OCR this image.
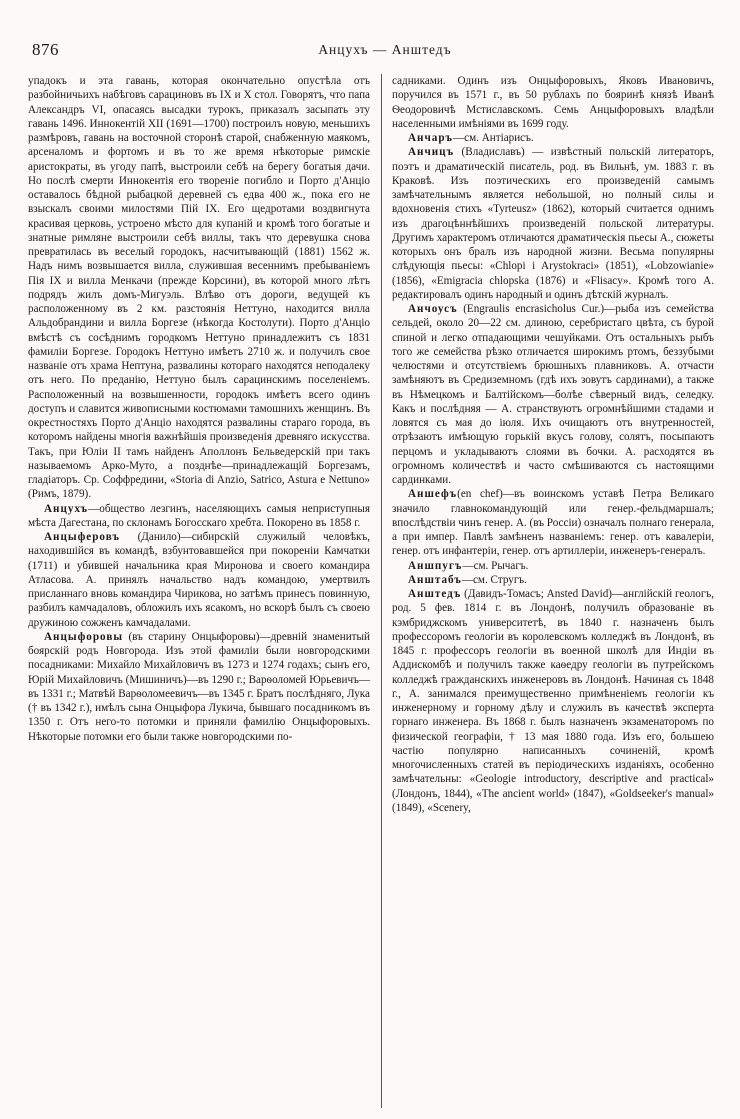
876	Анцухъ — Анштедъ

упадокъ и эта гавань, которая окончательно опустѣла отъ разбойничьихъ набѣговъ сарациновъ въ IX и X стол. Говорятъ, что папа Александръ VI, опасаясь высадки турокъ, приказалъ засыпать эту гавань 1496. Иннокентій XII (1691—1700) построилъ новую, меньшихъ размѣровъ, гавань на восточной сторонѣ старой, снабженную маякомъ, арсеналомъ и фортомъ и въ то же время нѣкоторые римскіе аристократы, въ угоду папѣ, выстроили себѣ на берегу богатыя дачи. Но послѣ смерти Иннокентія его твореніе погибло и Порто д'Анціо оставалось бѣдной рыбацкой деревней съ едва 400 ж., пока его не взыскалъ своими милостями Пій IX. Его щедротами воздвигнута красивая церковь, устроено мѣсто для купаній и кромѣ того богатые и знатные римляне выстроили себѣ виллы, такъ что деревушка снова превратилась въ веселый городокъ, насчитывающій (1881) 1562 ж. Надъ нимъ возвышается вилла, служившая весеннимъ пребываніемъ Пія IX и вилла Менкачи (прежде Корсини), въ которой много лѣтъ подрядъ жилъ домъ-Мигуэль. Влѣво отъ дороги, ведущей къ расположенному въ 2 км. разстоянія Неттуно, находится вилла Альдобрандини и вилла Боргезе (нѣкогда Костолути). Порто д'Анціо вмѣстѣ съ сосѣднимъ городкомъ Неттуно принадлежитъ съ 1831 фамиліи Боргезе. Городокъ Неттуно имѣетъ 2710 ж. и получилъ свое названіе отъ храма Нептуна, развалины котораго находятся неподалеку отъ него. По преданію, Неттуно былъ сарацинскимъ поселеніемъ. Расположенный на возвышенности, городокъ имѣетъ всего одинъ доступъ и славится живописными костюмами тамошнихъ женщинъ. Въ окрестностяхъ Порто д'Анціо находятся развалины стараго города, въ которомъ найдены многія важнѣйшія произведенія древняго искусства. Такъ, при Юліи II тамъ найденъ Аполлонъ Бельведерскій при такъ называемомъ Арко-Муто, а позднѣе—принадлежащій Боргезамъ, гладіаторъ. Ср. Соффредини, «Storia di Anzio, Satrico, Astura e Nettuno» (Римъ, 1879).

Анцухъ—общество лезгинъ, населяющихъ самыя неприступныя мѣста Дагестана, по склонамъ Богосскаго хребта. Покорено въ 1858 г.

Анцыферовъ (Данило)—сибирскій служилый человѣкъ, находившійся въ командѣ, взбунтовавшейся при покореніи Камчатки (1711) и убившей начальника края Миронова и своего командира Атласова. А. принялъ начальство надъ командою, умертвилъ присланнаго вновь командира Чирикова, но затѣмъ принесъ повинную, разбилъ камчадаловъ, обложилъ ихъ ясакомъ, но вскорѣ былъ съ своею дружиною сожженъ камчадалами.

Анцыфоровы (въ старину Онцыфоровы)—древній знаменитый боярскій родъ Новгорода. Изъ этой фамиліи были новгородскими посадниками: Михайло Михайловичъ въ 1273 и 1274 годахъ; сынъ его, Юрій Михайловичъ (Мишиничъ)—въ 1290 г.; Варѳоломей Юрьевичъ—въ 1331 г.; Матвѣй Варѳоломеевичъ—въ 1345 г. Братъ послѣдняго, Лука († въ 1342 г.), имѣлъ сына Онцыфора Лукича, бывшаго посадникомъ въ 1350 г. Отъ него-то потомки и приняли фамилію Онцыфоровыхъ. Нѣкоторые потомки его были также новгородскими по-

садниками. Одинъ изъ Онцыфоровыхъ, Яковъ Ивановичъ, поручился въ 1571 г., въ 50 рублахъ по бояринѣ князѣ Иванѣ Ѳеодоровичѣ Мстиславскомъ. Семь Анцыфоровыхъ владѣли населенными имѣніями въ 1699 году.

Анчаръ—см. Антіарисъ.

Анчицъ (Владиславъ) — извѣстный польскій литераторъ, поэтъ и драматическій писатель, род. въ Вильнѣ, ум. 1883 г. въ Краковѣ. Изъ поэтическихъ его произведеній самымъ замѣчательнымъ является небольшой, но полный силы и вдохновенія стихъ «Tyrteusz» (1862), который считается однимъ изъ драгоцѣннѣйшихъ произведеній польской литературы. Другимъ характеромъ отличаются драматическія пьесы А., сюжеты которыхъ онъ бралъ изъ народной жизни. Весьма популярны слѣдующія пьесы: «Chlopi i Arystokraci» (1851), «Lobzowianie» (1856), «Emigracia chlopska (1876) и «Flisacy». Кромѣ того А. редактировалъ одинъ народный и одинъ дѣтскій журналъ.

Анчоусъ (Engraulis encrasicholus Cur.)—рыба изъ семейства сельдей, около 20—22 см. длиною, серебристаго цвѣта, съ бурой спиной и легко отпадающими чешуйками. Отъ остальныхъ рыбъ того же семейства рѣзко отличается широкимъ ртомъ, беззубыми челюстями и отсутствіемъ брюшныхъ плавниковъ. А. отчасти замѣняютъ въ Средиземномъ (гдѣ ихъ зовутъ сардинами), а также въ Нѣмецкомъ и Балтійскомъ—болѣе сѣверный видъ, селедку. Какъ и послѣдняя — А. странствуютъ огромнѣйшими стадами и ловятся съ мая до іюля. Ихъ очищаютъ отъ внутренностей, отрѣзаютъ имѣющую горькій вкусъ голову, солятъ, посыпаютъ перцомъ и укладываютъ слоями въ бочки. А. расходятся въ огромномъ количествѣ и часто смѣшиваются съ настоящими сардинками.

Аншефъ(en chef)—въ воинскомъ уставѣ Петра Великаго значило главнокомандующій или генер.-фельдмаршалъ; впослѣдствіи чинъ генер. А. (въ Россіи) означалъ полнаго генерала, а при импер. Павлѣ замѣненъ названіемъ: генер. отъ кавалеріи, генер. отъ инфантеріи, генер. отъ артиллеріи, инженеръ-генералъ.

Аншпугъ—см. Рычагъ.

Анштабъ—см. Стругъ.

Анштедъ (Давидъ-Томасъ; Ansted David)—англійскій геологъ, род. 5 фев. 1814 г. въ Лондонѣ, получилъ образованіе въ кэмбриджскомъ университетѣ, въ 1840 г. назначенъ былъ профессоромъ геологіи въ королевскомъ колледжѣ въ Лондонѣ, въ 1845 г. профессоръ геологіи въ военной школѣ для Индіи въ Аддискомбѣ и получилъ также каѳедру геологіи въ путрейскомъ колледжѣ гражданскихъ инженеровъ въ Лондонѣ. Начиная съ 1848 г., А. занимался преимущественно примѣненіемъ геологіи къ инженерному и горному дѣлу и служилъ въ качествѣ эксперта горнаго инженера. Въ 1868 г. былъ назначенъ экзаменаторомъ по физической географіи, † 13 мая 1880 года. Изъ его, большею частію популярно написанныхъ сочиненій, кромѣ многочисленныхъ статей въ періодическихъ изданіяхъ, особенно замѣчательны: «Geologie introductory, descriptive and practical» (Лондонъ, 1844), «The ancient world» (1847), «Goldseeker's manual» (1849), «Scenery,
